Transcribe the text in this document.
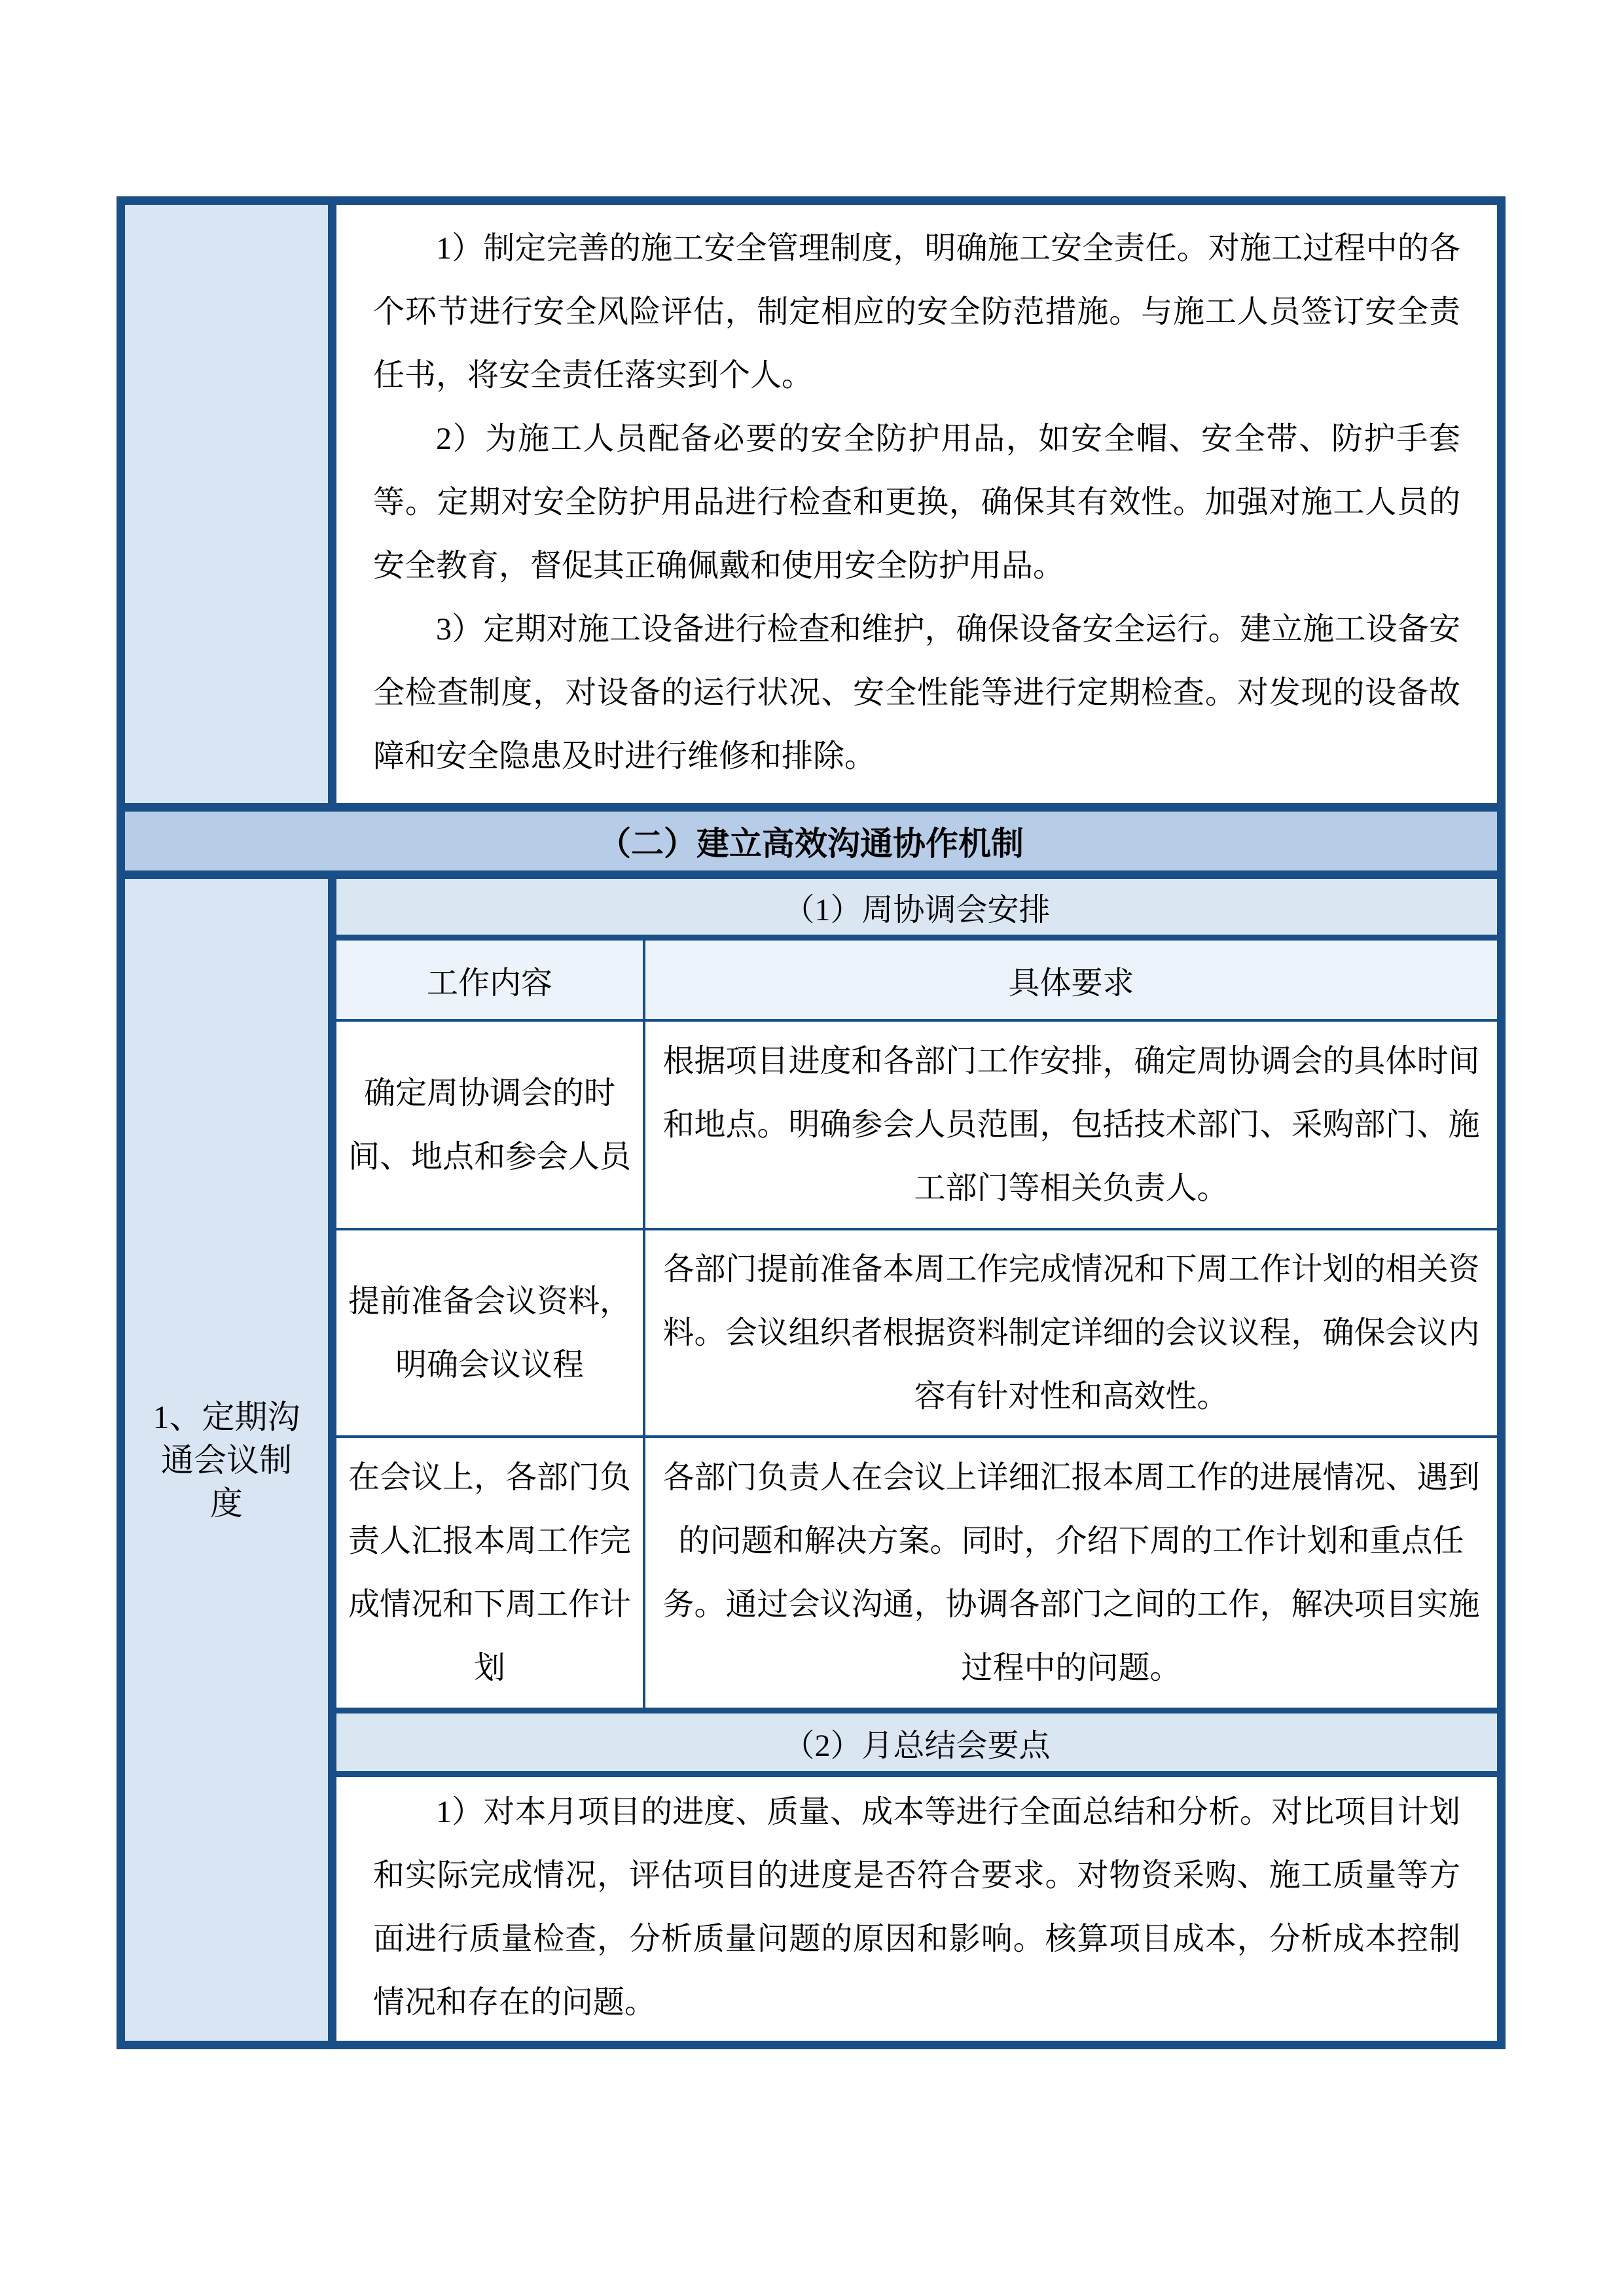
1）制定完善的施工安全管理制度，明确施工安全责任。对施工过程中的各个环节进行安全风险评估，制定相应的安全防范措施。与施工人员签订安全责任书，将安全责任落实到个人。

2）为施工人员配备必要的安全防护用品，如安全帽、安全带、防护手套等。定期对安全防护用品进行检查和更换，确保其有效性。加强对施工人员的安全教育，督促其正确佩戴和使用安全防护用品。

3）定期对施工设备进行检查和维护，确保设备安全运行。建立施工设备安全检查制度，对设备的运行状况、安全性能等进行定期检查。对发现的设备故障和安全隐患及时进行维修和排除。

（二）建立高效沟通协作机制
1、定期沟通会议制度
（1）周协调会安排
工作内容	具体要求
确定周协调会的时间、地点和参会人员
根据项目进度和各部门工作安排，确定周协调会的具体时间和地点。明确参会人员范围，包括技术部门、采购部门、施工部门等相关负责人。
提前准备会议资料，明确会议议程
各部门提前准备本周工作完成情况和下周工作计划的相关资料。会议组织者根据资料制定详细的会议议程，确保会议内容有针对性和高效性。
在会议上，各部门负责人汇报本周工作完成情况和下周工作计划
各部门负责人在会议上详细汇报本周工作的进展情况、遇到的问题和解决方案。同时，介绍下周的工作计划和重点任务。通过会议沟通，协调各部门之间的工作，解决项目实施过程中的问题。
（2）月总结会要点

1）对本月项目的进度、质量、成本等进行全面总结和分析。对比项目计划和实际完成情况，评估项目的进度是否符合要求。对物资采购、施工质量等方面进行质量检查，分析质量问题的原因和影响。核算项目成本，分析成本控制情况和存在的问题。
